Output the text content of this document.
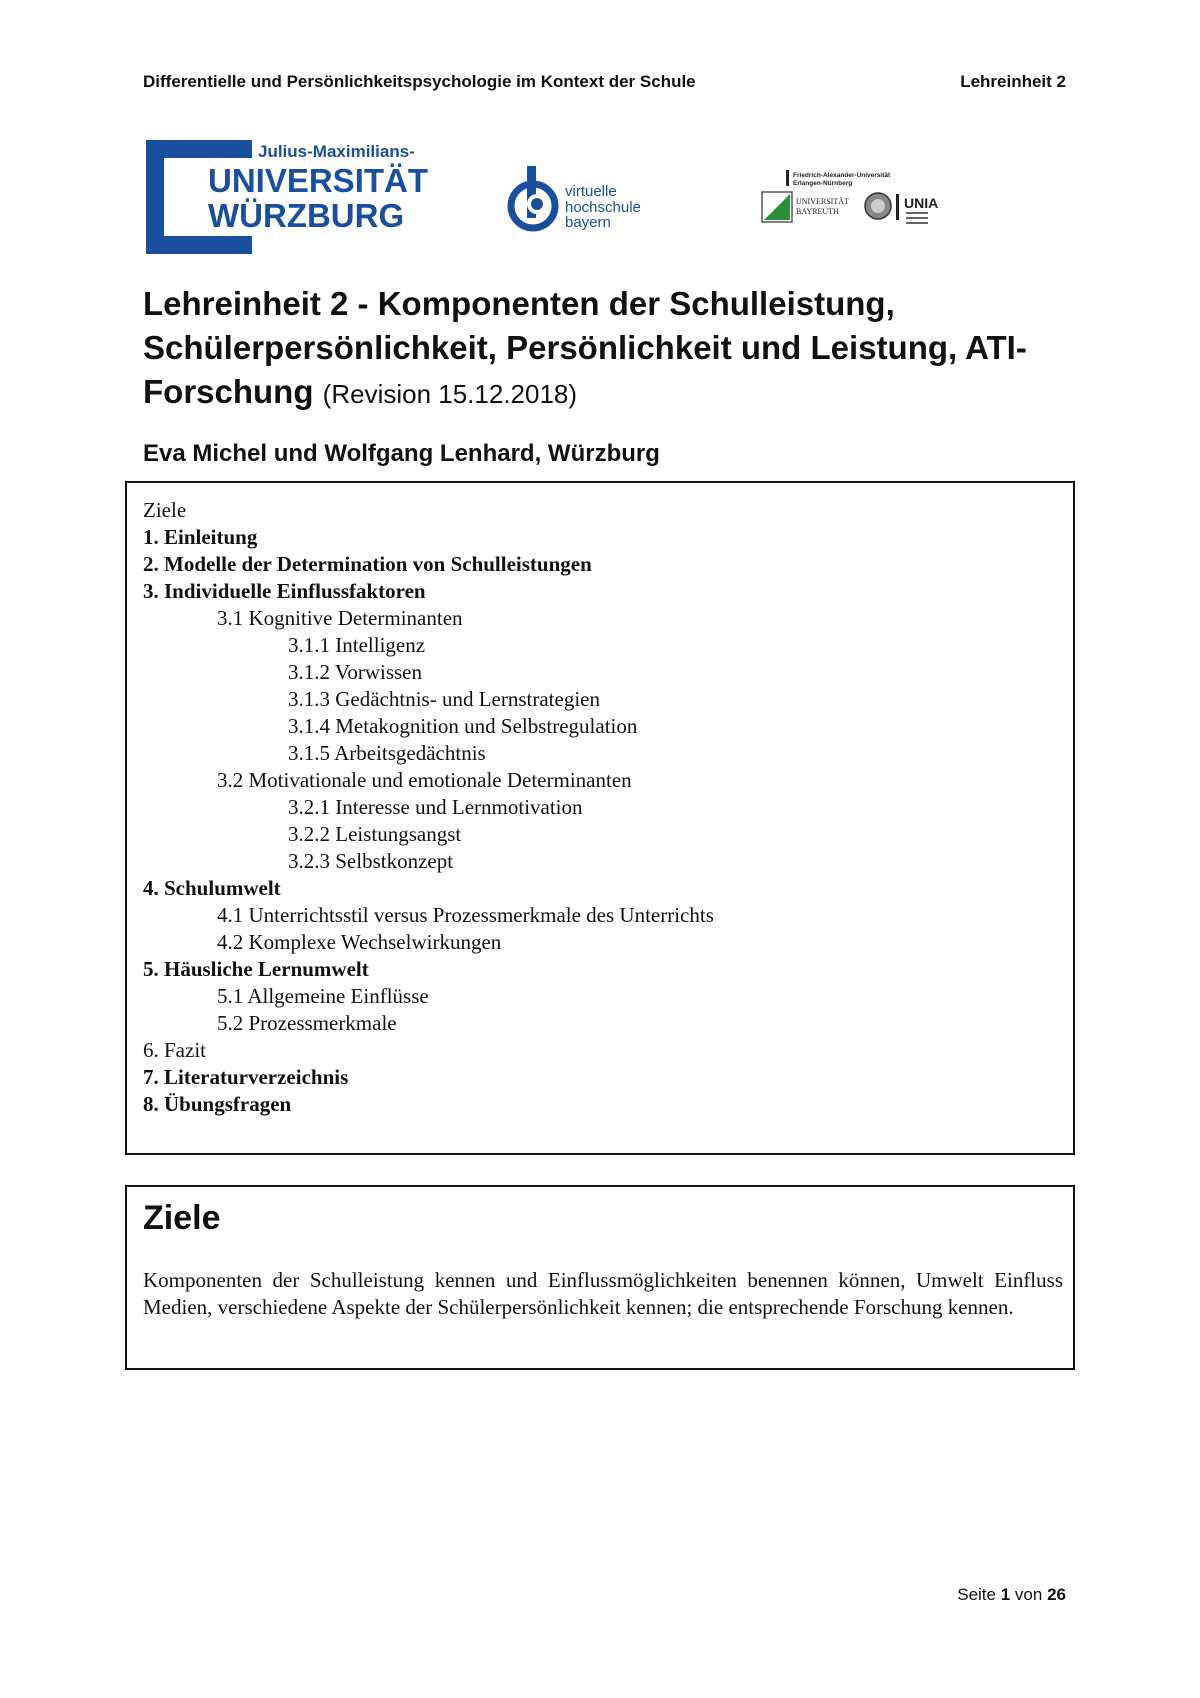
Differentielle und Persönlichkeitspsychologie im Kontext der Schule	Lehreinheit 2
Julius-Maximilians-
UNIVERSITÄT
WÜRZBURG
virtuelle
hochschule
bayern
Friedrich-Alexander-Universität
Erlangen-Nürnberg
UNIVERSITÄT
BAYREUTH
UNIA
Lehreinheit 2 - Komponenten der Schulleistung, Schülerpersönlichkeit, Persönlichkeit und Leistung, ATI-Forschung (Revision 15.12.2018)
Eva Michel und Wolfgang Lenhard, Würzburg
Ziele
1. Einleitung
2. Modelle der Determination von Schulleistungen
3. Individuelle Einflussfaktoren
3.1 Kognitive Determinanten
3.1.1 Intelligenz
3.1.2 Vorwissen
3.1.3 Gedächtnis- und Lernstrategien
3.1.4 Metakognition und Selbstregulation
3.1.5 Arbeitsgedächtnis
3.2 Motivationale und emotionale Determinanten
3.2.1 Interesse und Lernmotivation
3.2.2 Leistungsangst
3.2.3 Selbstkonzept
4. Schulumwelt
4.1 Unterrichtsstil versus Prozessmerkmale des Unterrichts
4.2 Komplexe Wechselwirkungen
5. Häusliche Lernumwelt
5.1 Allgemeine Einflüsse
5.2 Prozessmerkmale
6. Fazit
7. Literaturverzeichnis
8. Übungsfragen
Ziele

Komponenten der Schulleistung kennen und Einflussmöglichkeiten benennen können, Umwelt Einfluss Medien, verschiedene Aspekte der Schülerpersönlichkeit kennen; die entsprechende Forschung kennen.

Seite 1 von 26
